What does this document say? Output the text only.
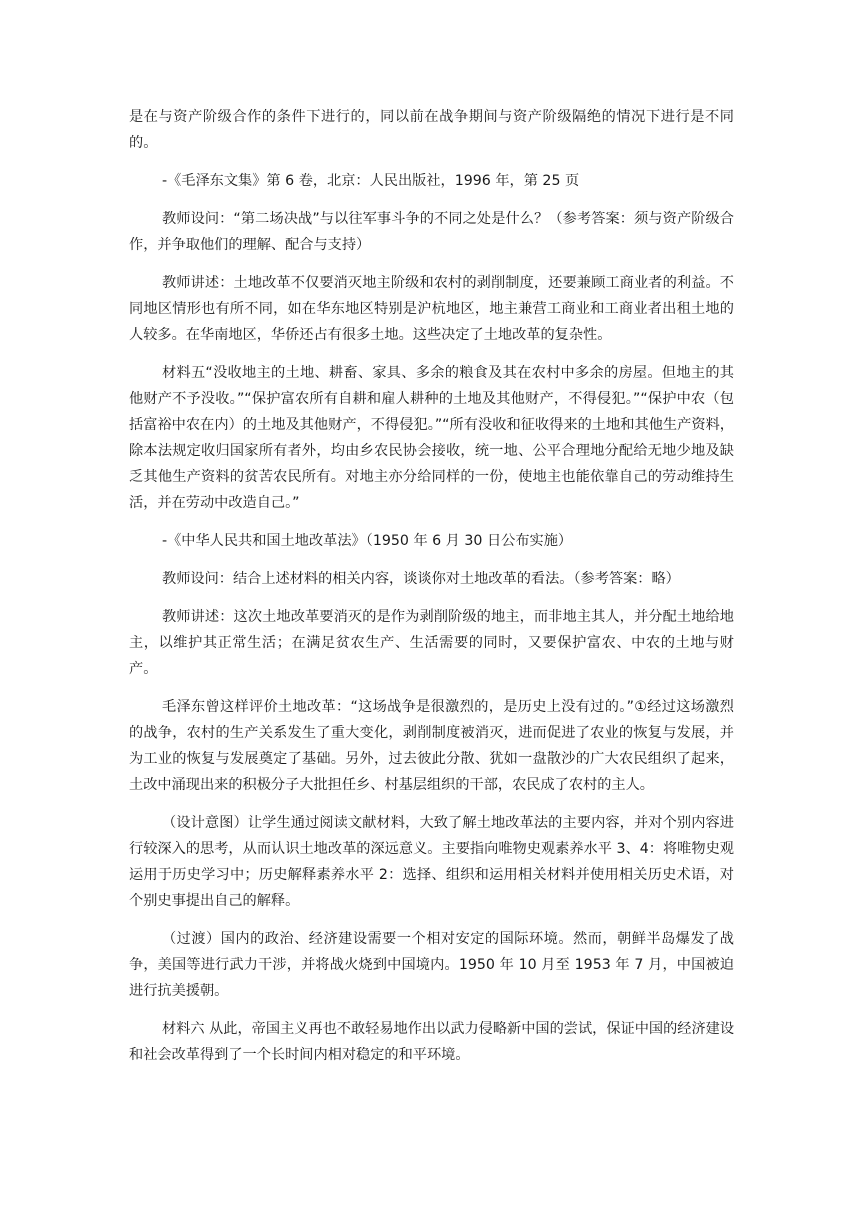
是在与资产阶级合作的条件下进行的，同以前在战争期间与资产阶级隔绝的情况下进行是不同的。

-《毛泽东文集》第 6 卷，北京：人民出版社，1996 年，第 25 页

教师设问：“第二场决战”与以往军事斗争的不同之处是什么？（参考答案：须与资产阶级合作，并争取他们的理解、配合与支持）

教师讲述：土地改革不仅要消灭地主阶级和农村的剥削制度，还要兼顾工商业者的利益。不同地区情形也有所不同，如在华东地区特别是沪杭地区，地主兼营工商业和工商业者出租土地的人较多。在华南地区，华侨还占有很多土地。这些决定了土地改革的复杂性。

材料五“没收地主的土地、耕畜、家具、多余的粮食及其在农村中多余的房屋。但地主的其他财产不予没收。”“保护富农所有自耕和雇人耕种的土地及其他财产，不得侵犯。”“保护中农（包括富裕中农在内）的土地及其他财产，不得侵犯。”“所有没收和征收得来的土地和其他生产资料，除本法规定收归国家所有者外，均由乡农民协会接收，统一地、公平合理地分配给无地少地及缺乏其他生产资料的贫苦农民所有。对地主亦分给同样的一份，使地主也能依靠自己的劳动维持生活，并在劳动中改造自己。”

-《中华人民共和国土地改革法》（1950 年 6 月 30 日公布实施）

教师设问：结合上述材料的相关内容，谈谈你对土地改革的看法。（参考答案：略）

教师讲述：这次土地改革要消灭的是作为剥削阶级的地主，而非地主其人，并分配土地给地主，以维护其正常生活；在满足贫农生产、生活需要的同时，又要保护富农、中农的土地与财产。

毛泽东曾这样评价土地改革：“这场战争是很激烈的，是历史上没有过的。”①经过这场激烈的战争，农村的生产关系发生了重大变化，剥削制度被消灭，进而促进了农业的恢复与发展，并为工业的恢复与发展奠定了基础。另外，过去彼此分散、犹如一盘散沙的广大农民组织了起来，土改中涌现出来的积极分子大批担任乡、村基层组织的干部，农民成了农村的主人。

（设计意图）让学生通过阅读文献材料，大致了解土地改革法的主要内容，并对个别内容进行较深入的思考，从而认识土地改革的深远意义。主要指向唯物史观素养水平 3、4：将唯物史观运用于历史学习中；历史解释素养水平 2：选择、组织和运用相关材料并使用相关历史术语，对个别史事提出自己的解释。

（过渡）国内的政治、经济建设需要一个相对安定的国际环境。然而，朝鲜半岛爆发了战争，美国等进行武力干涉，并将战火烧到中国境内。1950 年 10 月至 1953 年 7 月，中国被迫进行抗美援朝。

材料六 从此，帝国主义再也不敢轻易地作出以武力侵略新中国的尝试，保证中国的经济建设和社会改革得到了一个长时间内相对稳定的和平环境。
